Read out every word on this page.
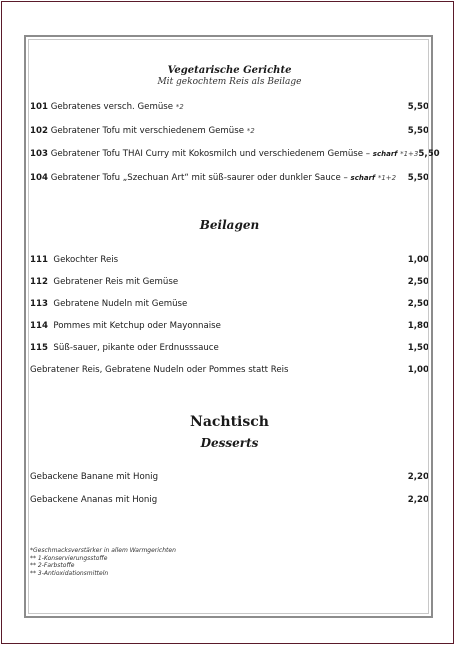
Vegetarische Gerichte
Mit gekochtem Reis als Beilage
101 Gebratenes versch. Gemüse *2	5,50
102 Gebratener Tofu mit verschiedenem Gemüse *2	5,50
103 Gebratener Tofu THAI Curry mit Kokosmilch und verschiedenem Gemüse – scharf *1+3 5,50
104 Gebratener Tofu „Szechuan Art“ mit süß-saurer oder dunkler Sauce – scharf *1+2	5,50
Beilagen
111 Gekochter Reis	1,00
112 Gebratener Reis mit Gemüse	2,50
113 Gebratene Nudeln mit Gemüse	2,50
114 Pommes mit Ketchup oder Mayonnaise	1,80
115 Süß-sauer, pikante oder Erdnusssauce	1,50
Gebratener Reis, Gebratene Nudeln oder Pommes statt Reis	1,00
Nachtisch
Desserts
Gebackene Banane mit Honig	2,20
Gebackene Ananas mit Honig	2,20
*Geschmacksverstärker in allem Warmgerichten
** 1-Konservierungsstoffe
** 2-Farbstoffe
** 3-Antioxidationsmitteln
